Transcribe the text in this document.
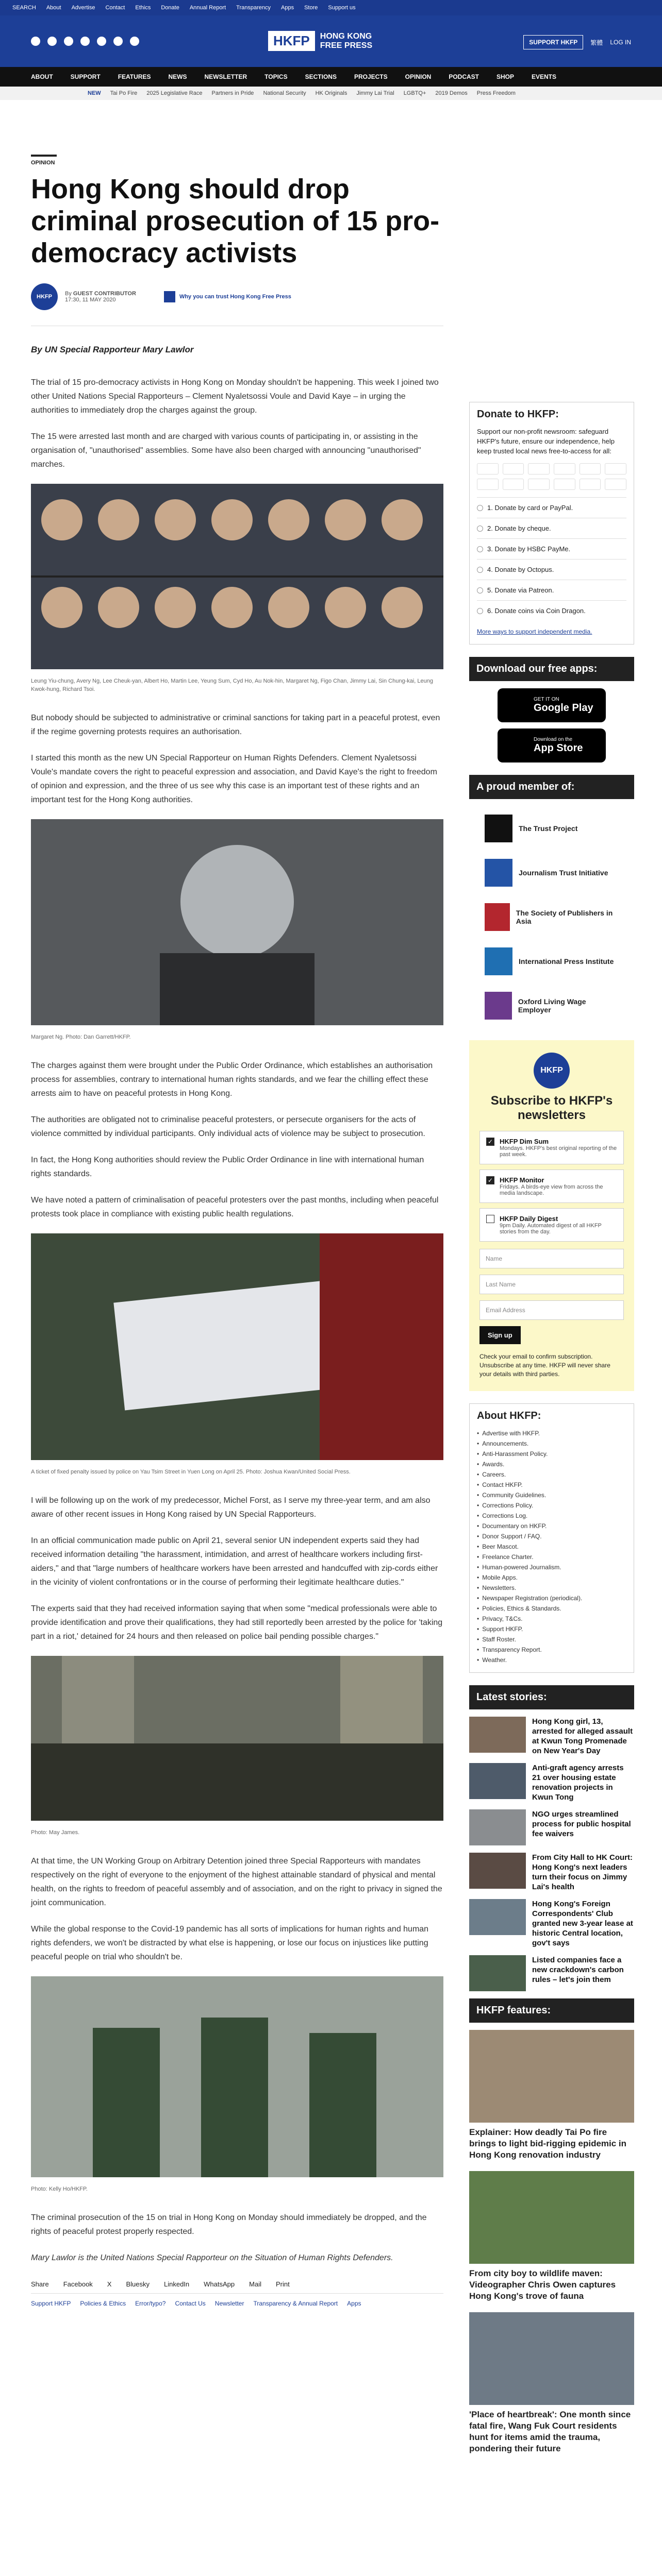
SEARCH About Advertise Contact Ethics Donate Annual Report Transparency Apps Store Support us
HKFP	HONG KONG
FREE PRESS	SUPPORT HKFP	繁體 LOG IN
ABOUT	SUPPORT	FEATURES	NEWS	NEWSLETTER	TOPICS	SECTIONS	PROJECTS	OPINION	PODCAST	SHOP	EVENTS
NEW Tai Po Fire 2025 Legislative Race Partners in Pride National Security HK Originals Jimmy Lai Trial LGBTQ+ 2019 Demos Press Freedom
OPINION
Hong Kong should drop criminal prosecution of 15 pro-democracy activists
HKFP	By GUEST CONTRIBUTOR
17:30, 11 MAY 2020	Why you can trust Hong Kong Free Press
By UN Special Rapporteur Mary Lawlor

The trial of 15 pro-democracy activists in Hong Kong on Monday shouldn't be happening. This week I joined two other United Nations Special Rapporteurs – Clement Nyaletsossi Voule and David Kaye – in urging the authorities to immediately drop the charges against the group.

The 15 were arrested last month and are charged with various counts of participating in, or assisting in the organisation of, "unauthorised" assemblies. Some have also been charged with announcing "unauthorised" marches.

Leung Yiu-chung, Avery Ng, Lee Cheuk-yan, Albert Ho, Martin Lee, Yeung Sum, Cyd Ho, Au Nok-hin, Margaret Ng, Figo Chan, Jimmy Lai, Sin Chung-kai, Leung Kwok-hung, Richard Tsoi.

But nobody should be subjected to administrative or criminal sanctions for taking part in a peaceful protest, even if the regime governing protests requires an authorisation.

I started this month as the new UN Special Rapporteur on Human Rights Defenders. Clement Nyaletsossi Voule's mandate covers the right to peaceful expression and association, and David Kaye's the right to freedom of opinion and expression, and the three of us see why this case is an important test of these rights and an important test for the Hong Kong authorities.

Margaret Ng. Photo: Dan Garrett/HKFP.

The charges against them were brought under the Public Order Ordinance, which establishes an authorisation process for assemblies, contrary to international human rights standards, and we fear the chilling effect these arrests aim to have on peaceful protests in Hong Kong.

The authorities are obligated not to criminalise peaceful protesters, or persecute organisers for the acts of violence committed by individual participants. Only individual acts of violence may be subject to prosecution.

In fact, the Hong Kong authorities should review the Public Order Ordinance in line with international human rights standards.

We have noted a pattern of criminalisation of peaceful protesters over the past months, including when peaceful protests took place in compliance with existing public health regulations.

A ticket of fixed penalty issued by police on Yau Tsim Street in Yuen Long on April 25. Photo: Joshua Kwan/United Social Press.

I will be following up on the work of my predecessor, Michel Forst, as I serve my three-year term, and am also aware of other recent issues in Hong Kong raised by UN Special Rapporteurs.

In an official communication made public on April 21, several senior UN independent experts said they had received information detailing "the harassment, intimidation, and arrest of healthcare workers including first-aiders," and that "large numbers of healthcare workers have been arrested and handcuffed with zip-cords either in the vicinity of violent confrontations or in the course of performing their legitimate healthcare duties."

The experts said that they had received information saying that when some "medical professionals were able to provide identification and prove their qualifications, they had still reportedly been arrested by the police for 'taking part in a riot,' detained for 24 hours and then released on police bail pending possible charges."

Photo: May James.

At that time, the UN Working Group on Arbitrary Detention joined three Special Rapporteurs with mandates respectively on the right of everyone to the enjoyment of the highest attainable standard of physical and mental health, on the rights to freedom of peaceful assembly and of association, and on the right to privacy in signed the joint communication.

While the global response to the Covid-19 pandemic has all sorts of implications for human rights and human rights defenders, we won't be distracted by what else is happening, or lose our focus on injustices like putting peaceful people on trial who shouldn't be.

Photo: Kelly Ho/HKFP.

The criminal prosecution of the 15 on trial in Hong Kong on Monday should immediately be dropped, and the rights of peaceful protest properly respected.

Mary Lawlor is the United Nations Special Rapporteur on the Situation of Human Rights Defenders.

Share Facebook X Bluesky LinkedIn WhatsApp Mail Print
Support HKFP Policies & Ethics Error/typo? Contact Us Newsletter Transparency & Annual Report Apps
Donate to HKFP:
Support our non-profit newsroom: safeguard HKFP's future, ensure our independence, help keep trusted local news free-to-access for all:
1. Donate by card or PayPal.
2. Donate by cheque.
3. Donate by HSBC PayMe.
4. Donate by Octopus.
5. Donate via Patreon.
6. Donate coins via Coin Dragon.
More ways to support independent media.
Download our free apps:
GET IT ON
Google Play
Download on the
App Store
A proud member of:
The Trust Project
Journalism Trust Initiative
The Society of Publishers in Asia
International Press Institute
Oxford Living Wage Employer
HKFP
Subscribe to HKFP's newsletters
✓ HKFP Dim Sum
Mondays. HKFP's best original reporting of the past week.
✓ HKFP Monitor
Fridays. A birds-eye view from across the media landscape.
HKFP Daily Digest
9pm Daily. Automated digest of all HKFP stories from the day.
Name
Last Name
Email Address
Sign up
Check your email to confirm subscription. Unsubscribe at any time. HKFP will never share your details with third parties.
About HKFP:
• Advertise with HKFP.
• Announcements.
• Anti-Harassment Policy.
• Awards.
• Careers.
• Contact HKFP.
• Community Guidelines.
• Corrections Policy.
• Corrections Log.
• Documentary on HKFP.
• Donor Support / FAQ.
• Beer Mascot.
• Freelance Charter.
• Human-powered Journalism.
• Mobile Apps.
• Newsletters.
• Newspaper Registration (periodical).
• Policies, Ethics & Standards.
• Privacy, T&Cs.
• Support HKFP.
• Staff Roster.
• Transparency Report.
• Weather.
Latest stories:
Hong Kong girl, 13, arrested for alleged assault at Kwun Tong Promenade on New Year's Day
Anti-graft agency arrests 21 over housing estate renovation projects in Kwun Tong
NGO urges streamlined process for public hospital fee waivers
From City Hall to HK Court: Hong Kong's next leaders turn their focus on Jimmy Lai's health
Hong Kong's Foreign Correspondents' Club granted new 3-year lease at historic Central location, gov't says
Listed companies face a new crackdown's carbon rules – let's join them
HKFP features:
Explainer: How deadly Tai Po fire brings to light bid-rigging epidemic in Hong Kong renovation industry
From city boy to wildlife maven: Videographer Chris Owen captures Hong Kong's trove of fauna
'Place of heartbreak': One month since fatal fire, Wang Fuk Court residents hunt for items amid the trauma, pondering their future
